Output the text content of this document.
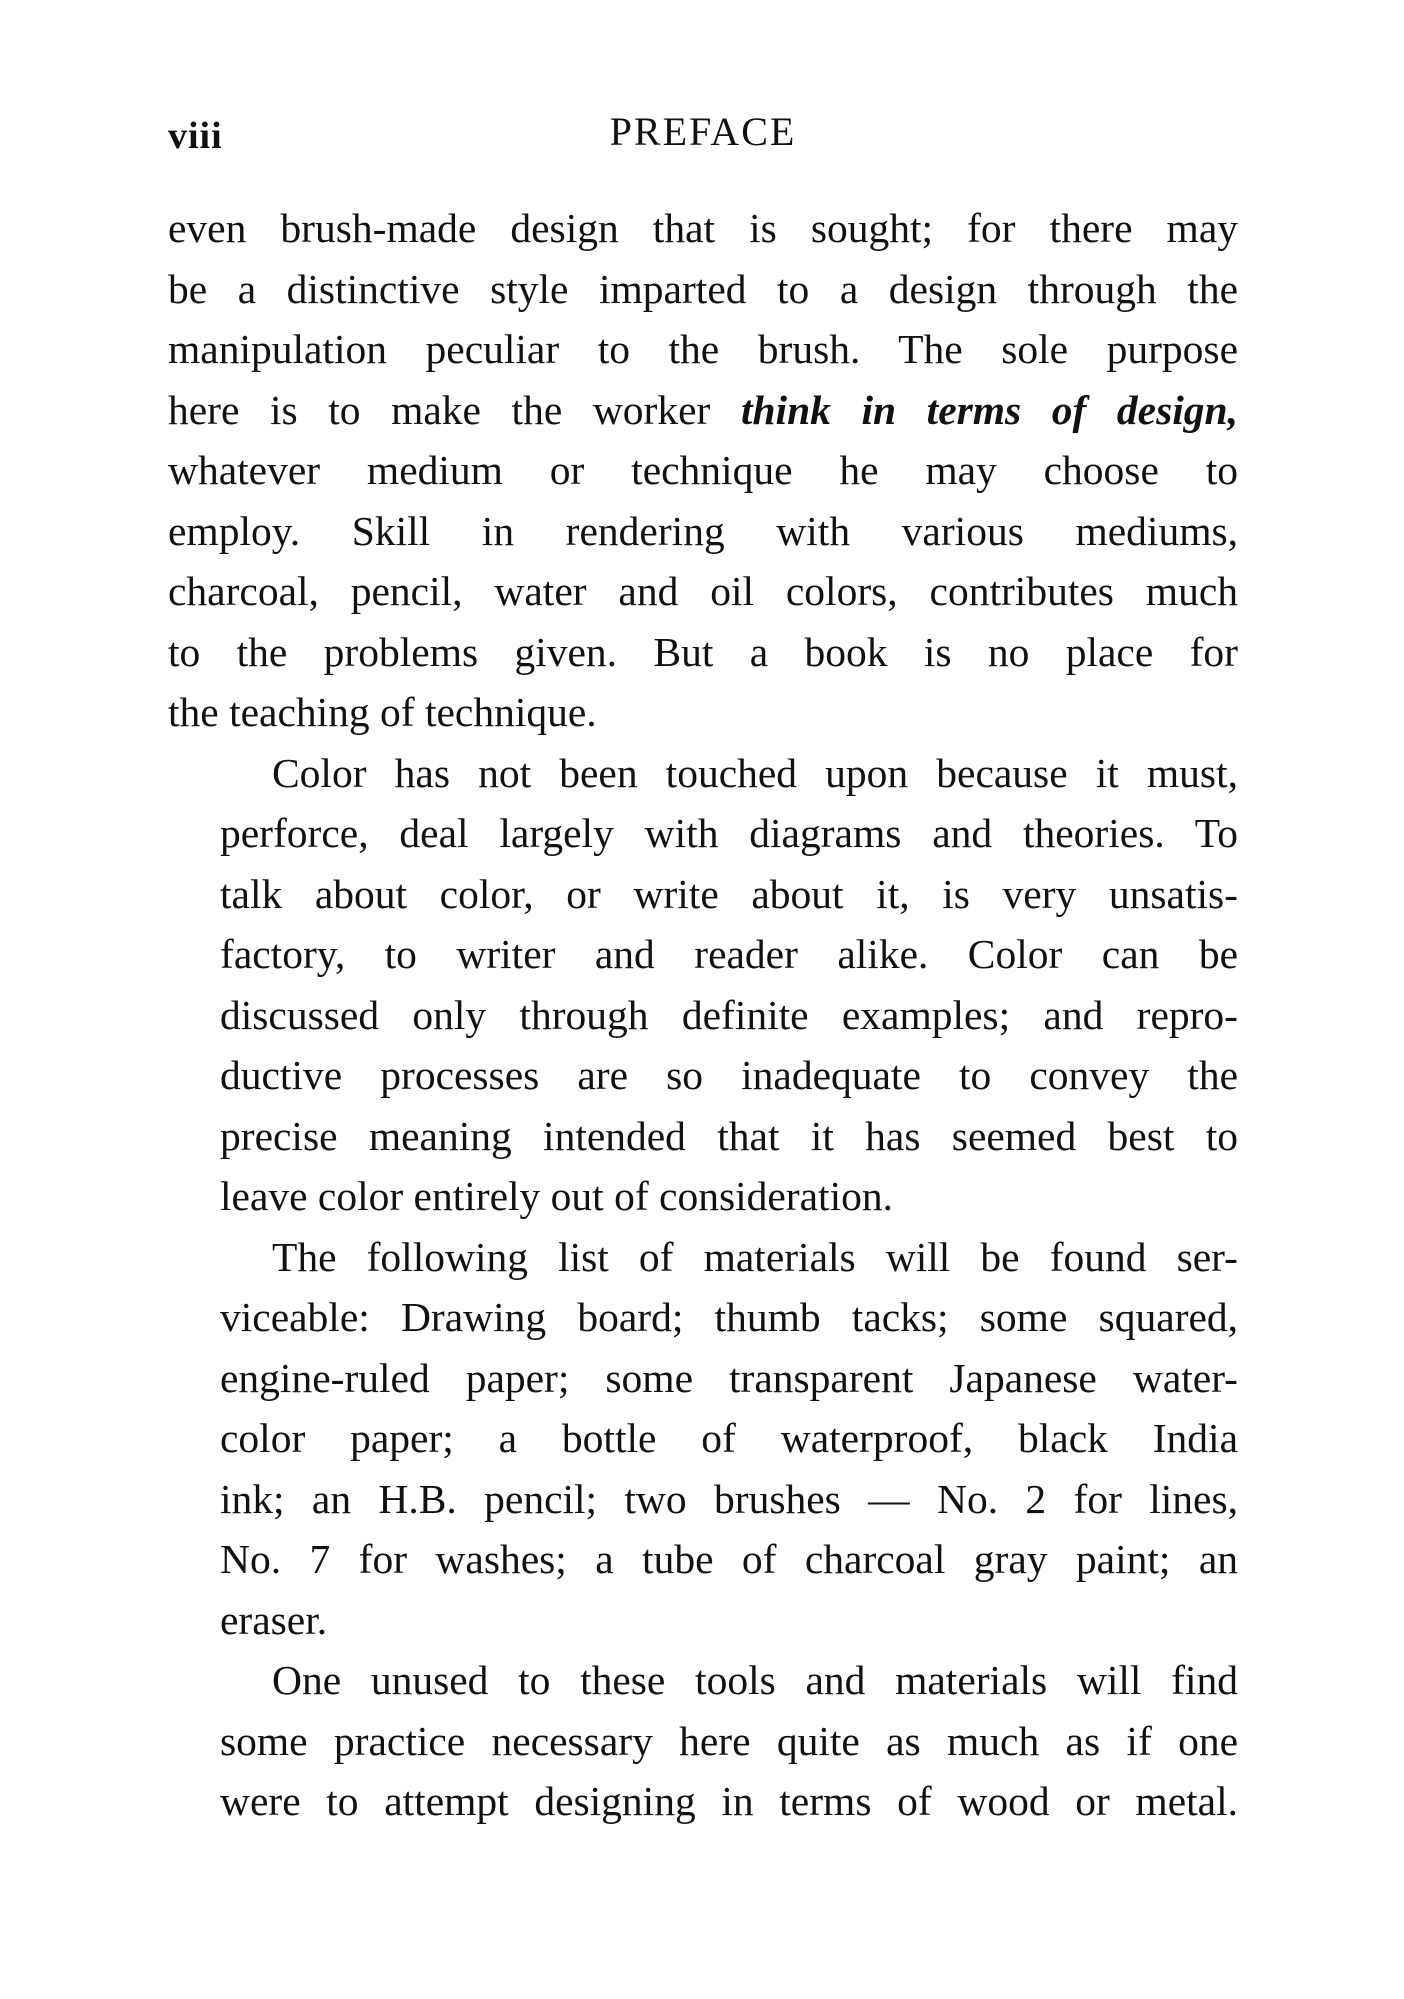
viii	PREFACE

even brush-made design that is sought; for there may
be a distinctive style imparted to a design through the
manipulation peculiar to the brush. The sole purpose
here is to make the worker think in terms of design,
whatever medium or technique he may choose to
employ. Skill in rendering with various mediums,
charcoal, pencil, water and oil colors, contributes much
to the problems given. But a book is no place for
the teaching of technique.

Color has not been touched upon because it must,
perforce, deal largely with diagrams and theories. To
talk about color, or write about it, is very unsatis-
factory, to writer and reader alike. Color can be
discussed only through definite examples; and repro-
ductive processes are so inadequate to convey the
precise meaning intended that it has seemed best to
leave color entirely out of consideration.

The following list of materials will be found ser-
viceable: Drawing board; thumb tacks; some squared,
engine-ruled paper; some transparent Japanese water-
color paper; a bottle of waterproof, black India
ink; an H.B. pencil; two brushes — No. 2 for lines,
No. 7 for washes; a tube of charcoal gray paint; an
eraser.

One unused to these tools and materials will find
some practice necessary here quite as much as if one
were to attempt designing in terms of wood or metal.
